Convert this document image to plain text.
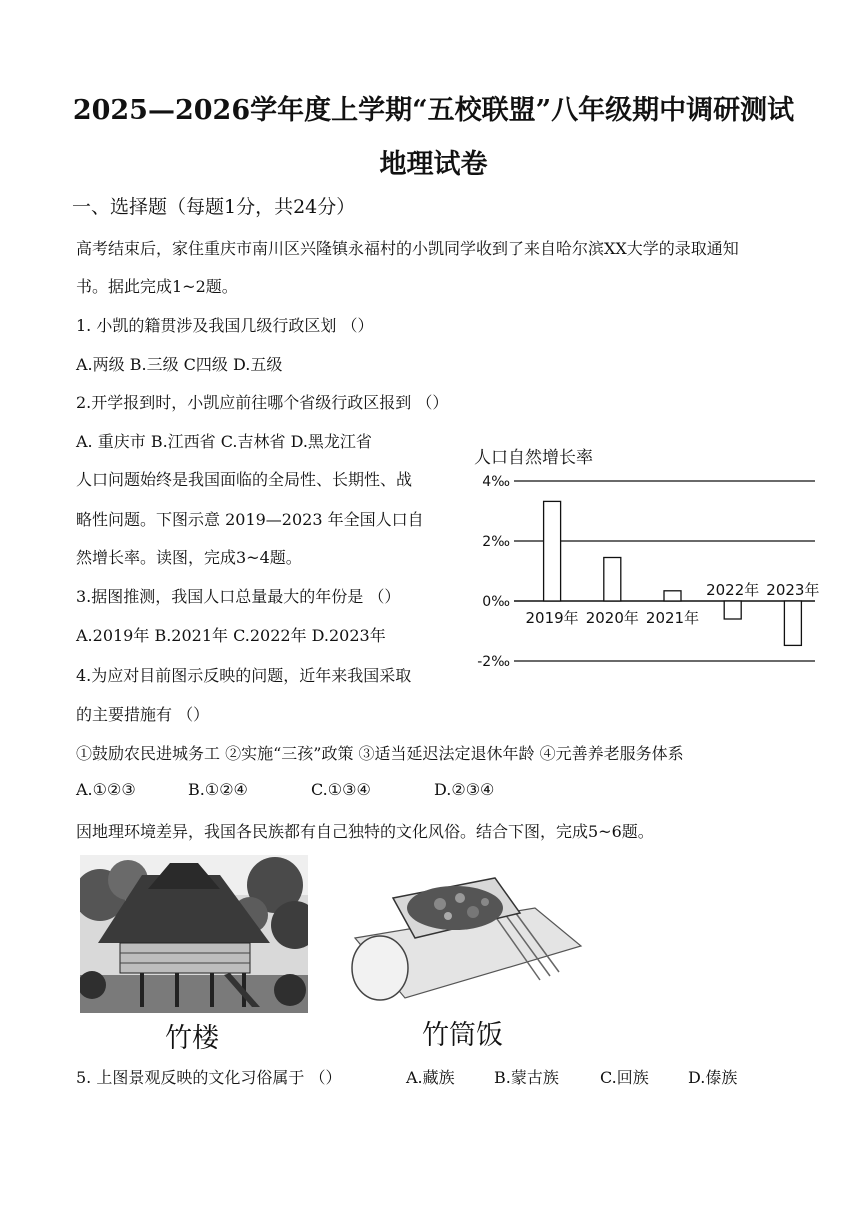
2025—2026学年度上学期“五校联盟”八年级期中调研测试
地理试卷
一、选择题（每题1分，共24分）
高考结束后，家住重庆市南川区兴隆镇永福村的小凯同学收到了来自哈尔滨XX大学的录取通知
书。据此完成1~2题。
1. 小凯的籍贯涉及我国几级行政区划 （）
A.两级 B.三级 C四级 D.五级
2.开学报到时，小凯应前往哪个省级行政区报到 （）
A. 重庆市 B.江西省 C.吉林省 D.黑龙江省
人口问题始终是我国面临的全局性、长期性、战
略性问题。下图示意 2019—2023 年全国人口自
然增长率。读图，完成3~4题。
3.据图推测，我国人口总量最大的年份是 （）
A.2019年 B.2021年 C.2022年 D.2023年
4.为应对目前图示反映的问题，近年来我国采取
的主要措施有 （）
①鼓励农民进城务工 ②实施“三孩”政策 ③适当延迟法定退休年龄 ④元善养老服务体系
A.①②③	B.①②④	C.①③④	D.②③④
因地理环境差异，我国各民族都有自己独特的文化风俗。结合下图，完成5~6题。
人口自然增长率
4‰
2‰
0‰
-2‰
2019年 2020年 2021年
2022年 2023年
竹楼	竹筒饭
5. 上图景观反映的文化习俗属于 （）	A.藏族 B.蒙古族	C.回族 D.傣族
